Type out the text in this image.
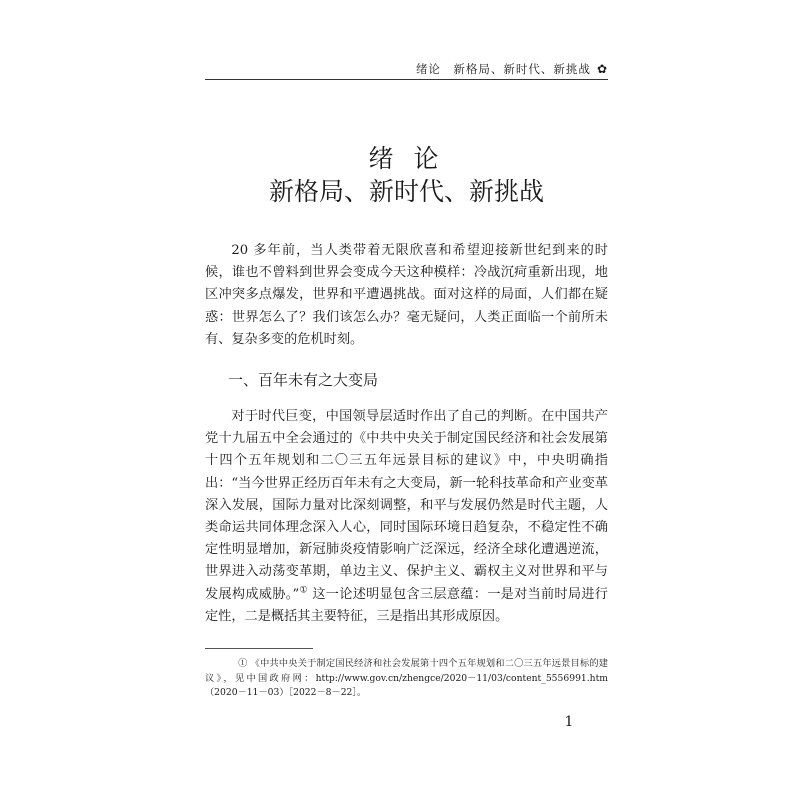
绪论　新格局、新时代、新挑战 ✿
绪 论
新格局、新时代、新挑战

20 多年前，当人类带着无限欣喜和希望迎接新世纪到来的时候，谁也不曾料到世界会变成今天这种模样：冷战沉疴重新出现，地区冲突多点爆发，世界和平遭遇挑战。面对这样的局面，人们都在疑惑：世界怎么了？我们该怎么办？毫无疑问，人类正面临一个前所未有、复杂多变的危机时刻。

一、百年未有之大变局

对于时代巨变，中国领导层适时作出了自己的判断。在中国共产党十九届五中全会通过的《中共中央关于制定国民经济和社会发展第十四个五年规划和二〇三五年远景目标的建议》中，中央明确指出：“当今世界正经历百年未有之大变局，新一轮科技革命和产业变革深入发展，国际力量对比深刻调整，和平与发展仍然是时代主题，人类命运共同体理念深入人心，同时国际环境日趋复杂，不稳定性不确定性明显增加，新冠肺炎疫情影响广泛深远，经济全球化遭遇逆流，世界进入动荡变革期，单边主义、保护主义、霸权主义对世界和平与发展构成威胁。”① 这一论述明显包含三层意蕴：一是对当前时局进行定性，二是概括其主要特征，三是指出其形成原因。

① 《中共中央关于制定国民经济和社会发展第十四个五年规划和二〇三五年远景目标的建议》，见中国政府网：http://www.gov.cn/zhengce/2020－11/03/content_5556991.htm（2020－11－03）［2022－8－22］。

1
